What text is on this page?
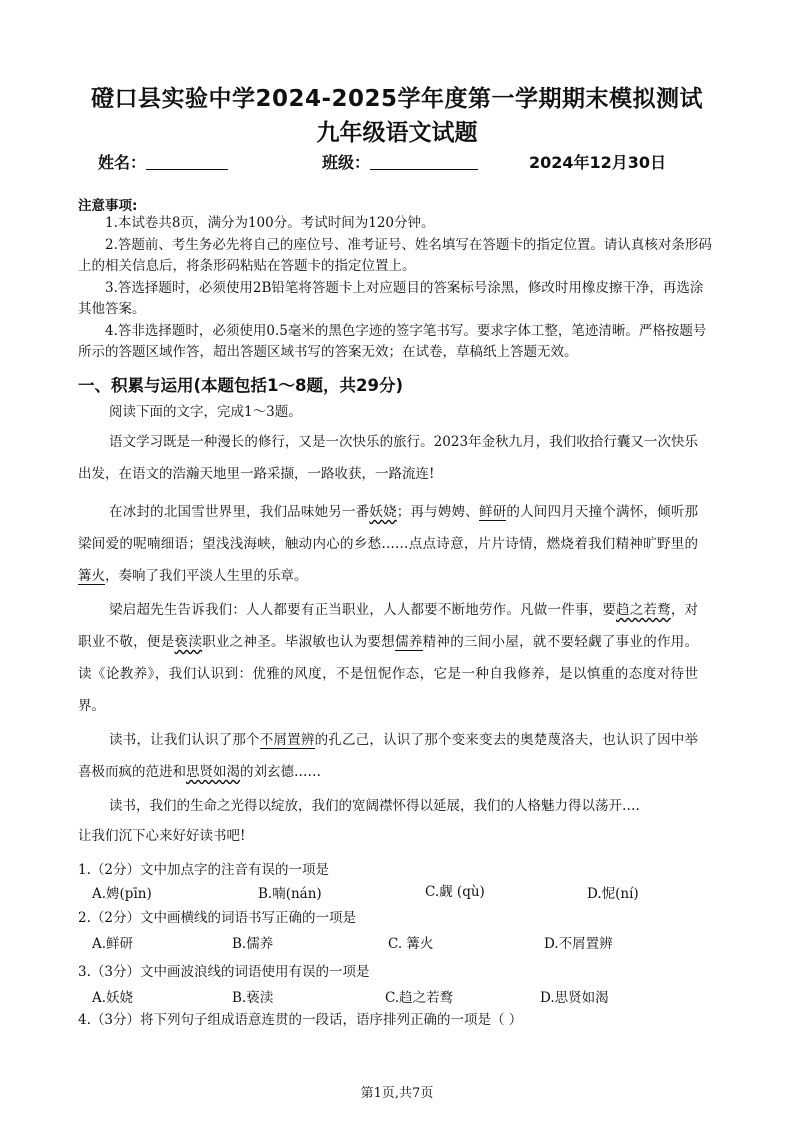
磴口县实验中学2024-2025学年度第一学期期末模拟测试
九年级语文试题
姓名：	班级：	2024年12月30日
注意事项:

1.本试卷共8页，满分为100分。考试时间为120分钟。

2.答题前、考生务必先将自己的座位号、准考证号、姓名填写在答题卡的指定位置。请认真核对条形码上的相关信息后，将条形码粘贴在答题卡的指定位置上。

3.答选择题时，必须使用2B铅笔将答题卡上对应题目的答案标号涂黑，修改时用橡皮擦干净，再选涂其他答案。

4.答非选择题时，必须使用0.5毫米的黑色字迹的签字笔书写。要求字体工整，笔迹清晰。严格按题号所示的答题区域作答，超出答题区域书写的答案无效；在试卷，草稿纸上答题无效。

一、积累与运用(本题包括1～8题，共29分)
阅读下面的文字，完成1～3题。
语文学习既是一种漫长的修行，又是一次快乐的旅行。2023年金秋九月，我们收拾行囊又一次快乐出发，在语文的浩瀚天地里一路采撷，一路收获，一路流连!
在冰封的北国雪世界里，我们品味她另一番妖娆；再与娉娉、鲜研的人间四月天撞个满怀，倾听那梁间爱的呢喃细语；望浅浅海峡，触动内心的乡愁……点点诗意，片片诗情，燃烧着我们精神旷野里的篝火，奏响了我们平淡人生里的乐章。
梁启超先生告诉我们：人人都要有正当职业，人人都要不断地劳作。凡做一件事，要趋之若鹜，对职业不敬，便是亵渎职业之神圣。毕淑敏也认为要想儒养精神的三间小屋，就不要轻觑了事业的作用。读《论教养》，我们认识到：优雅的风度，不是忸怩作态，它是一种自我修养，是以慎重的态度对待世界。
读书，让我们认识了那个不屑置辨的孔乙己，认识了那个变来变去的奥楚蔑洛夫，也认识了因中举喜极而疯的范进和思贤如渴的刘玄德……
读书，我们的生命之光得以绽放，我们的宽阔襟怀得以延展，我们的人格魅力得以荡开….
让我们沉下心来好好读书吧!
1.（2分）文中加点字的注音有误的一项是
A.娉(pīn)	B.喃(nán)	C.觑 (qù)	D.怩(ní)
2.（2分）文中画横线的词语书写正确的一项是
A.鲜研	B.儒养	C. 篝火	D.不屑置辨
3.（3分）文中画波浪线的词语使用有误的一项是
A.妖娆	B.亵渎	C.趋之若鹜	D.思贤如渴
4.（3分）将下列句子组成语意连贯的一段话，语序排列正确的一项是（ ）
第1页,共7页
